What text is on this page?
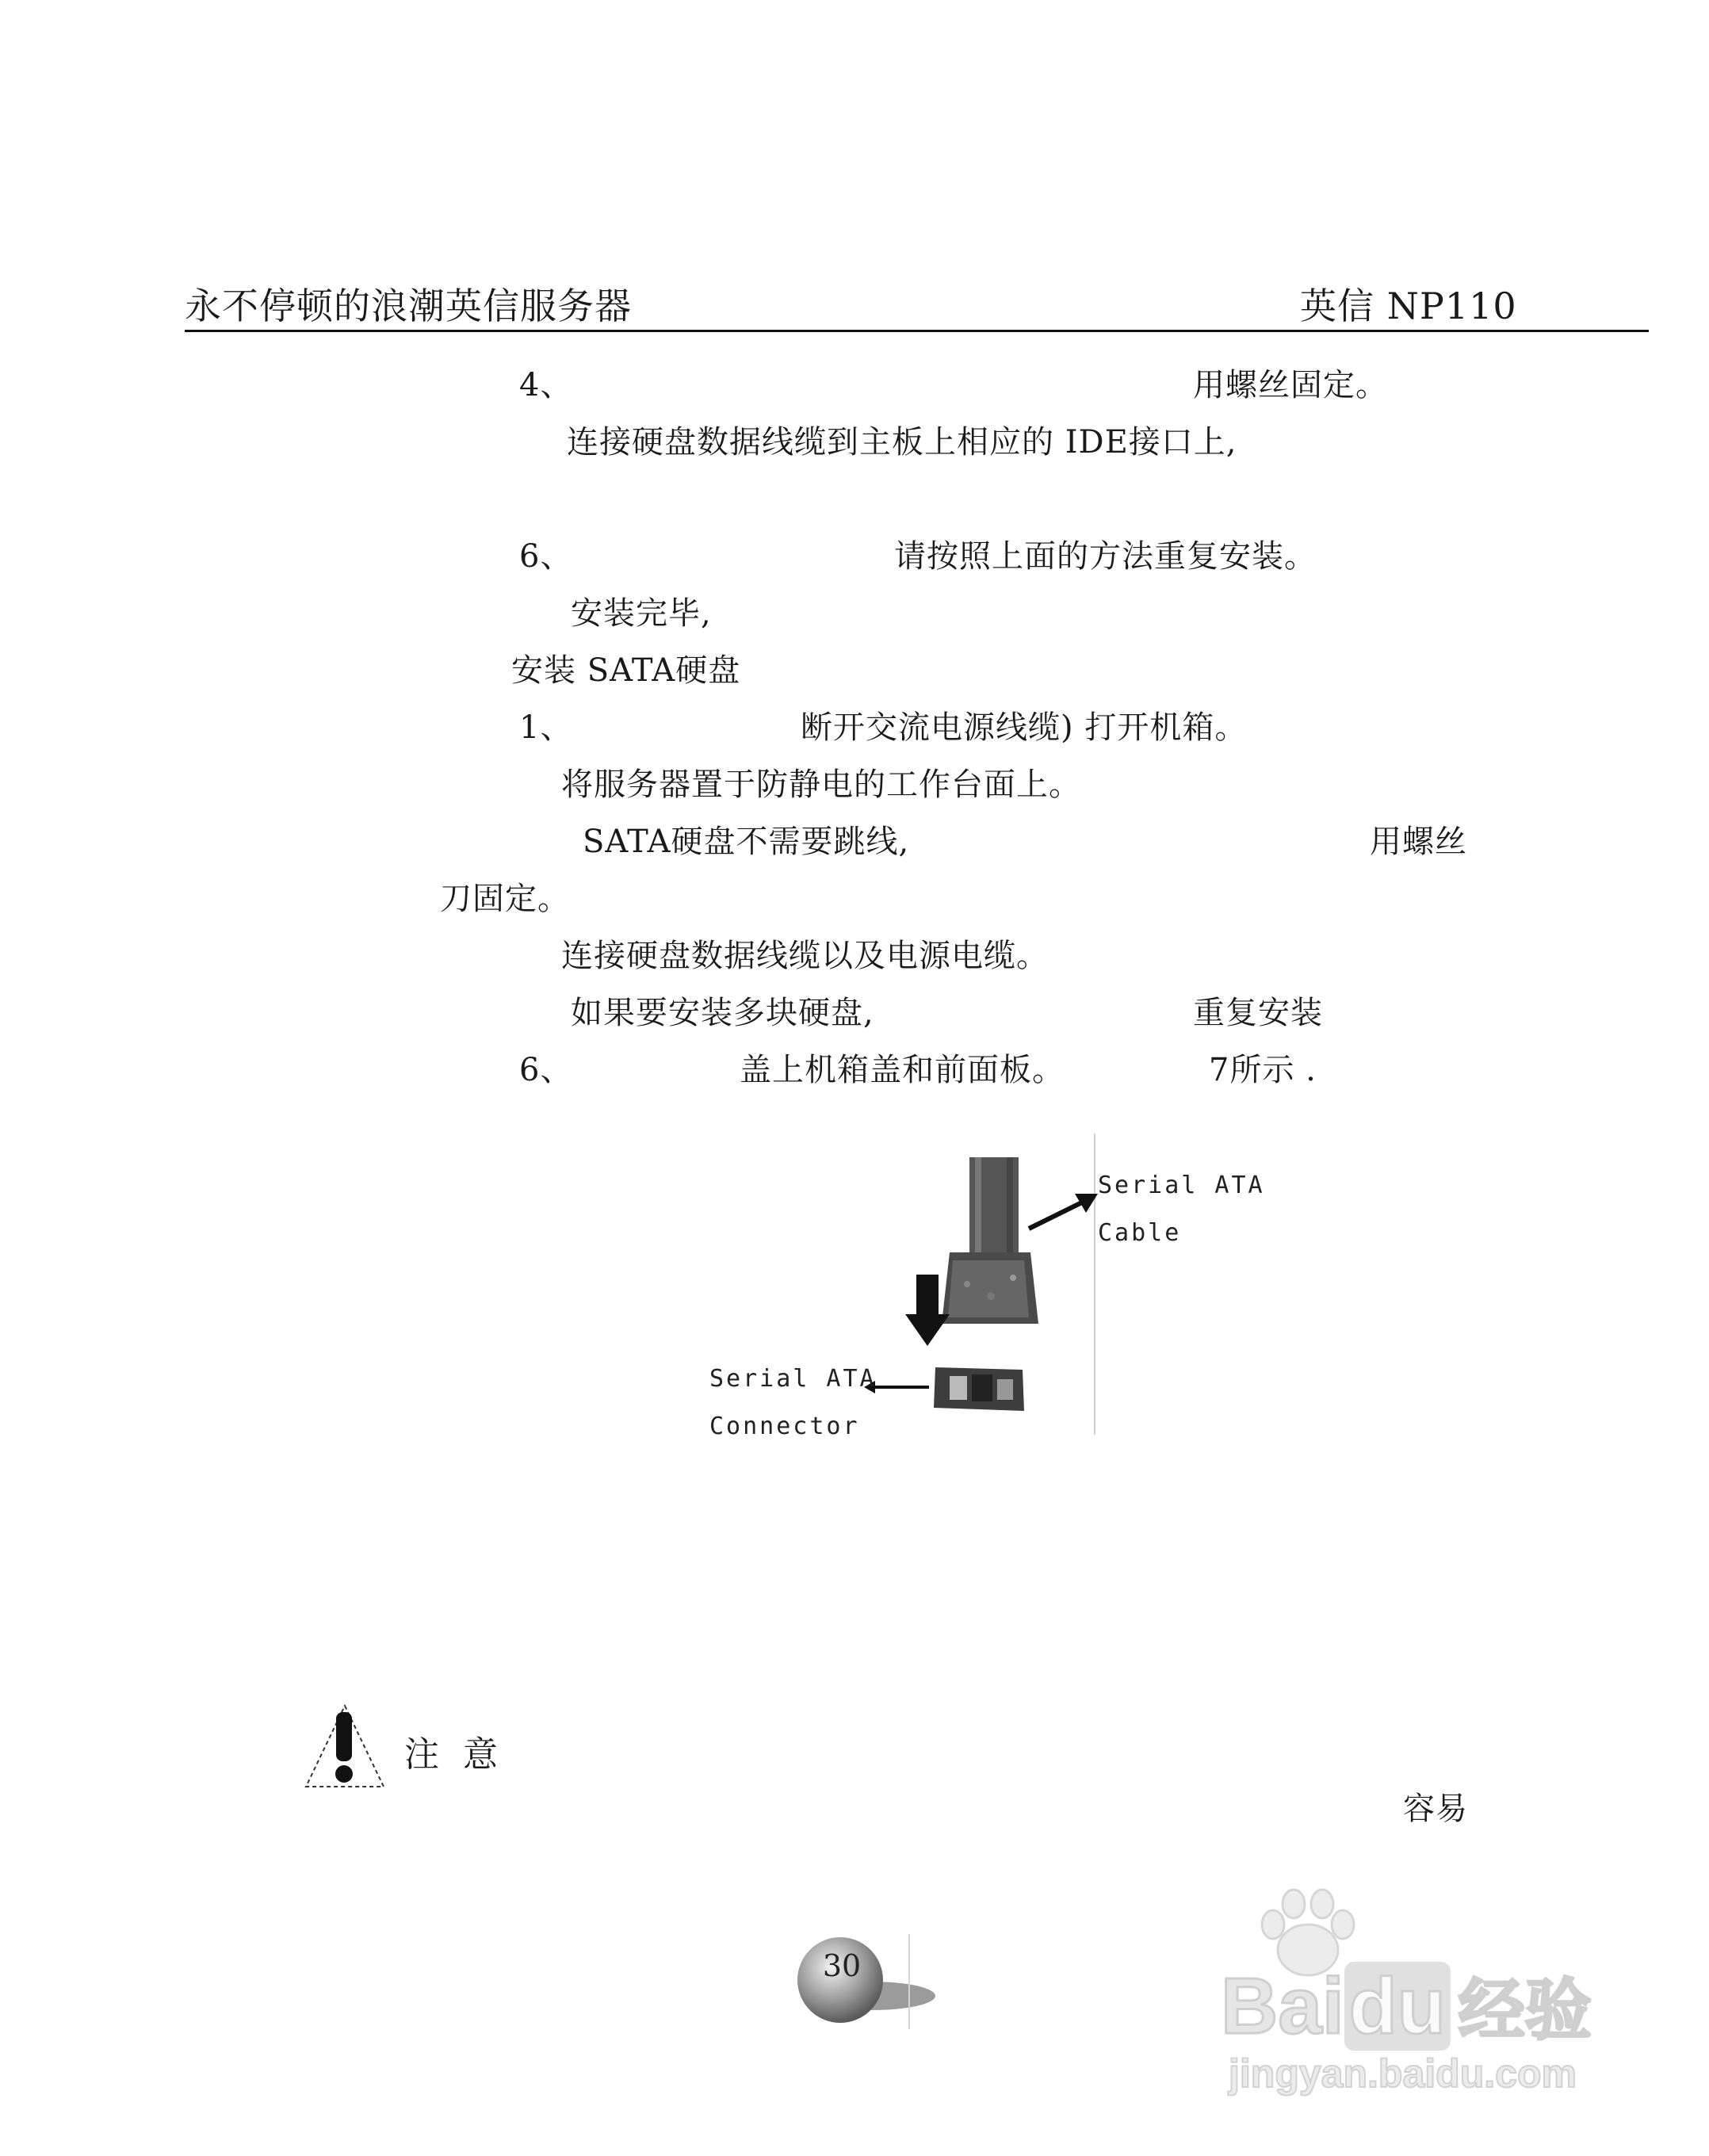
永不停顿的浪潮英信服务器	英信 NP110
4、	用螺丝固定。
连接硬盘数据线缆到主板上相应的 IDE接口上,
6、	请按照上面的方法重复安装。
安装完毕,
安装 SATA硬盘
1、	断开交流电源线缆) 打开机箱。
将服务器置于防静电的工作台面上。
SATA硬盘不需要跳线,	用螺丝
刀固定。
连接硬盘数据线缆以及电源电缆。
如果要安装多块硬盘,	重复安装
6、	盖上机箱盖和前面板。	7所示 .
Serial ATA
Cable
Serial ATA
Connector
注 意
容易
30	Baidu 经验
jingyan.baidu.com
